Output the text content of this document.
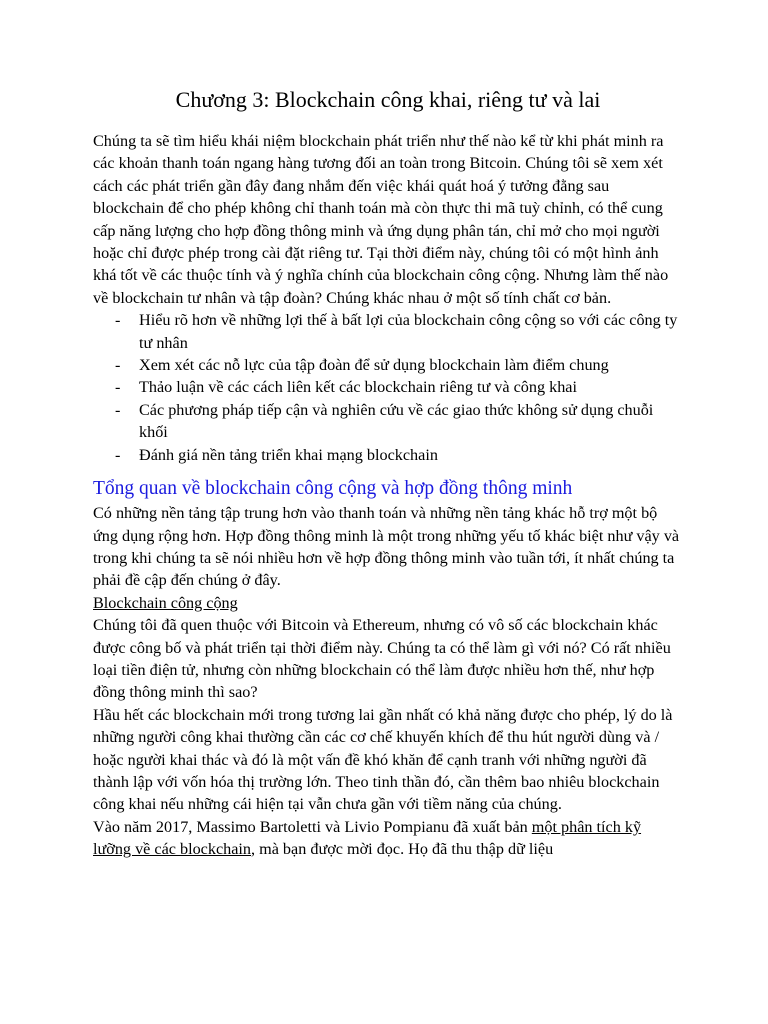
Chương 3: Blockchain công khai, riêng tư và lai

Chúng ta sẽ tìm hiểu khái niệm blockchain phát triển như thế nào kể từ khi phát minh ra các khoản thanh toán ngang hàng tương đối an toàn trong Bitcoin. Chúng tôi sẽ xem xét cách các phát triển gần đây đang nhắm đến việc khái quát hoá ý tưởng đằng sau blockchain để cho phép không chỉ thanh toán mà còn thực thi mã tuỳ chỉnh, có thể cung cấp năng lượng cho hợp đồng thông minh và ứng dụng phân tán, chỉ mở cho mọi người hoặc chỉ được phép trong cài đặt riêng tư. Tại thời điểm này, chúng tôi có một hình ảnh khá tốt về các thuộc tính và ý nghĩa chính của blockchain công cộng. Nhưng làm thế nào về blockchain tư nhân và tập đoàn? Chúng khác nhau ở một số tính chất cơ bản.

- Hiểu rõ hơn về những lợi thế à bất lợi của blockchain công cộng so với các công ty tư nhân
- Xem xét các nỗ lực của tập đoàn để sử dụng blockchain làm điểm chung
- Thảo luận về các cách liên kết các blockchain riêng tư và công khai
- Các phương pháp tiếp cận và nghiên cứu về các giao thức không sử dụng chuỗi khối
- Đánh giá nền tảng triển khai mạng blockchain
Tổng quan về blockchain công cộng và hợp đồng thông minh

Có những nền tảng tập trung hơn vào thanh toán và những nền tảng khác hỗ trợ một bộ ứng dụng rộng hơn. Hợp đồng thông minh là một trong những yếu tố khác biệt như vậy và trong khi chúng ta sẽ nói nhiều hơn về hợp đồng thông minh vào tuần tới, ít nhất chúng ta phải đề cập đến chúng ở đây.

Blockchain công cộng

Chúng tôi đã quen thuộc với Bitcoin và Ethereum, nhưng có vô số các blockchain khác được công bố và phát triển tại thời điểm này. Chúng ta có thể làm gì với nó? Có rất nhiều loại tiền điện tử, nhưng còn những blockchain có thể làm được nhiều hơn thế, như hợp đồng thông minh thì sao?

Hầu hết các blockchain mới trong tương lai gần nhất có khả năng được cho phép, lý do là những người công khai thường cần các cơ chế khuyến khích để thu hút người dùng và / hoặc người khai thác và đó là một vấn đề khó khăn để cạnh tranh với những người đã thành lập với vốn hóa thị trường lớn. Theo tinh thần đó, cần thêm bao nhiêu blockchain công khai nếu những cái hiện tại vẫn chưa gần với tiềm năng của chúng.

Vào năm 2017, Massimo Bartoletti và Livio Pompianu đã xuất bản một phân tích kỹ lưỡng về các blockchain, mà bạn được mời đọc. Họ đã thu thập dữ liệu
